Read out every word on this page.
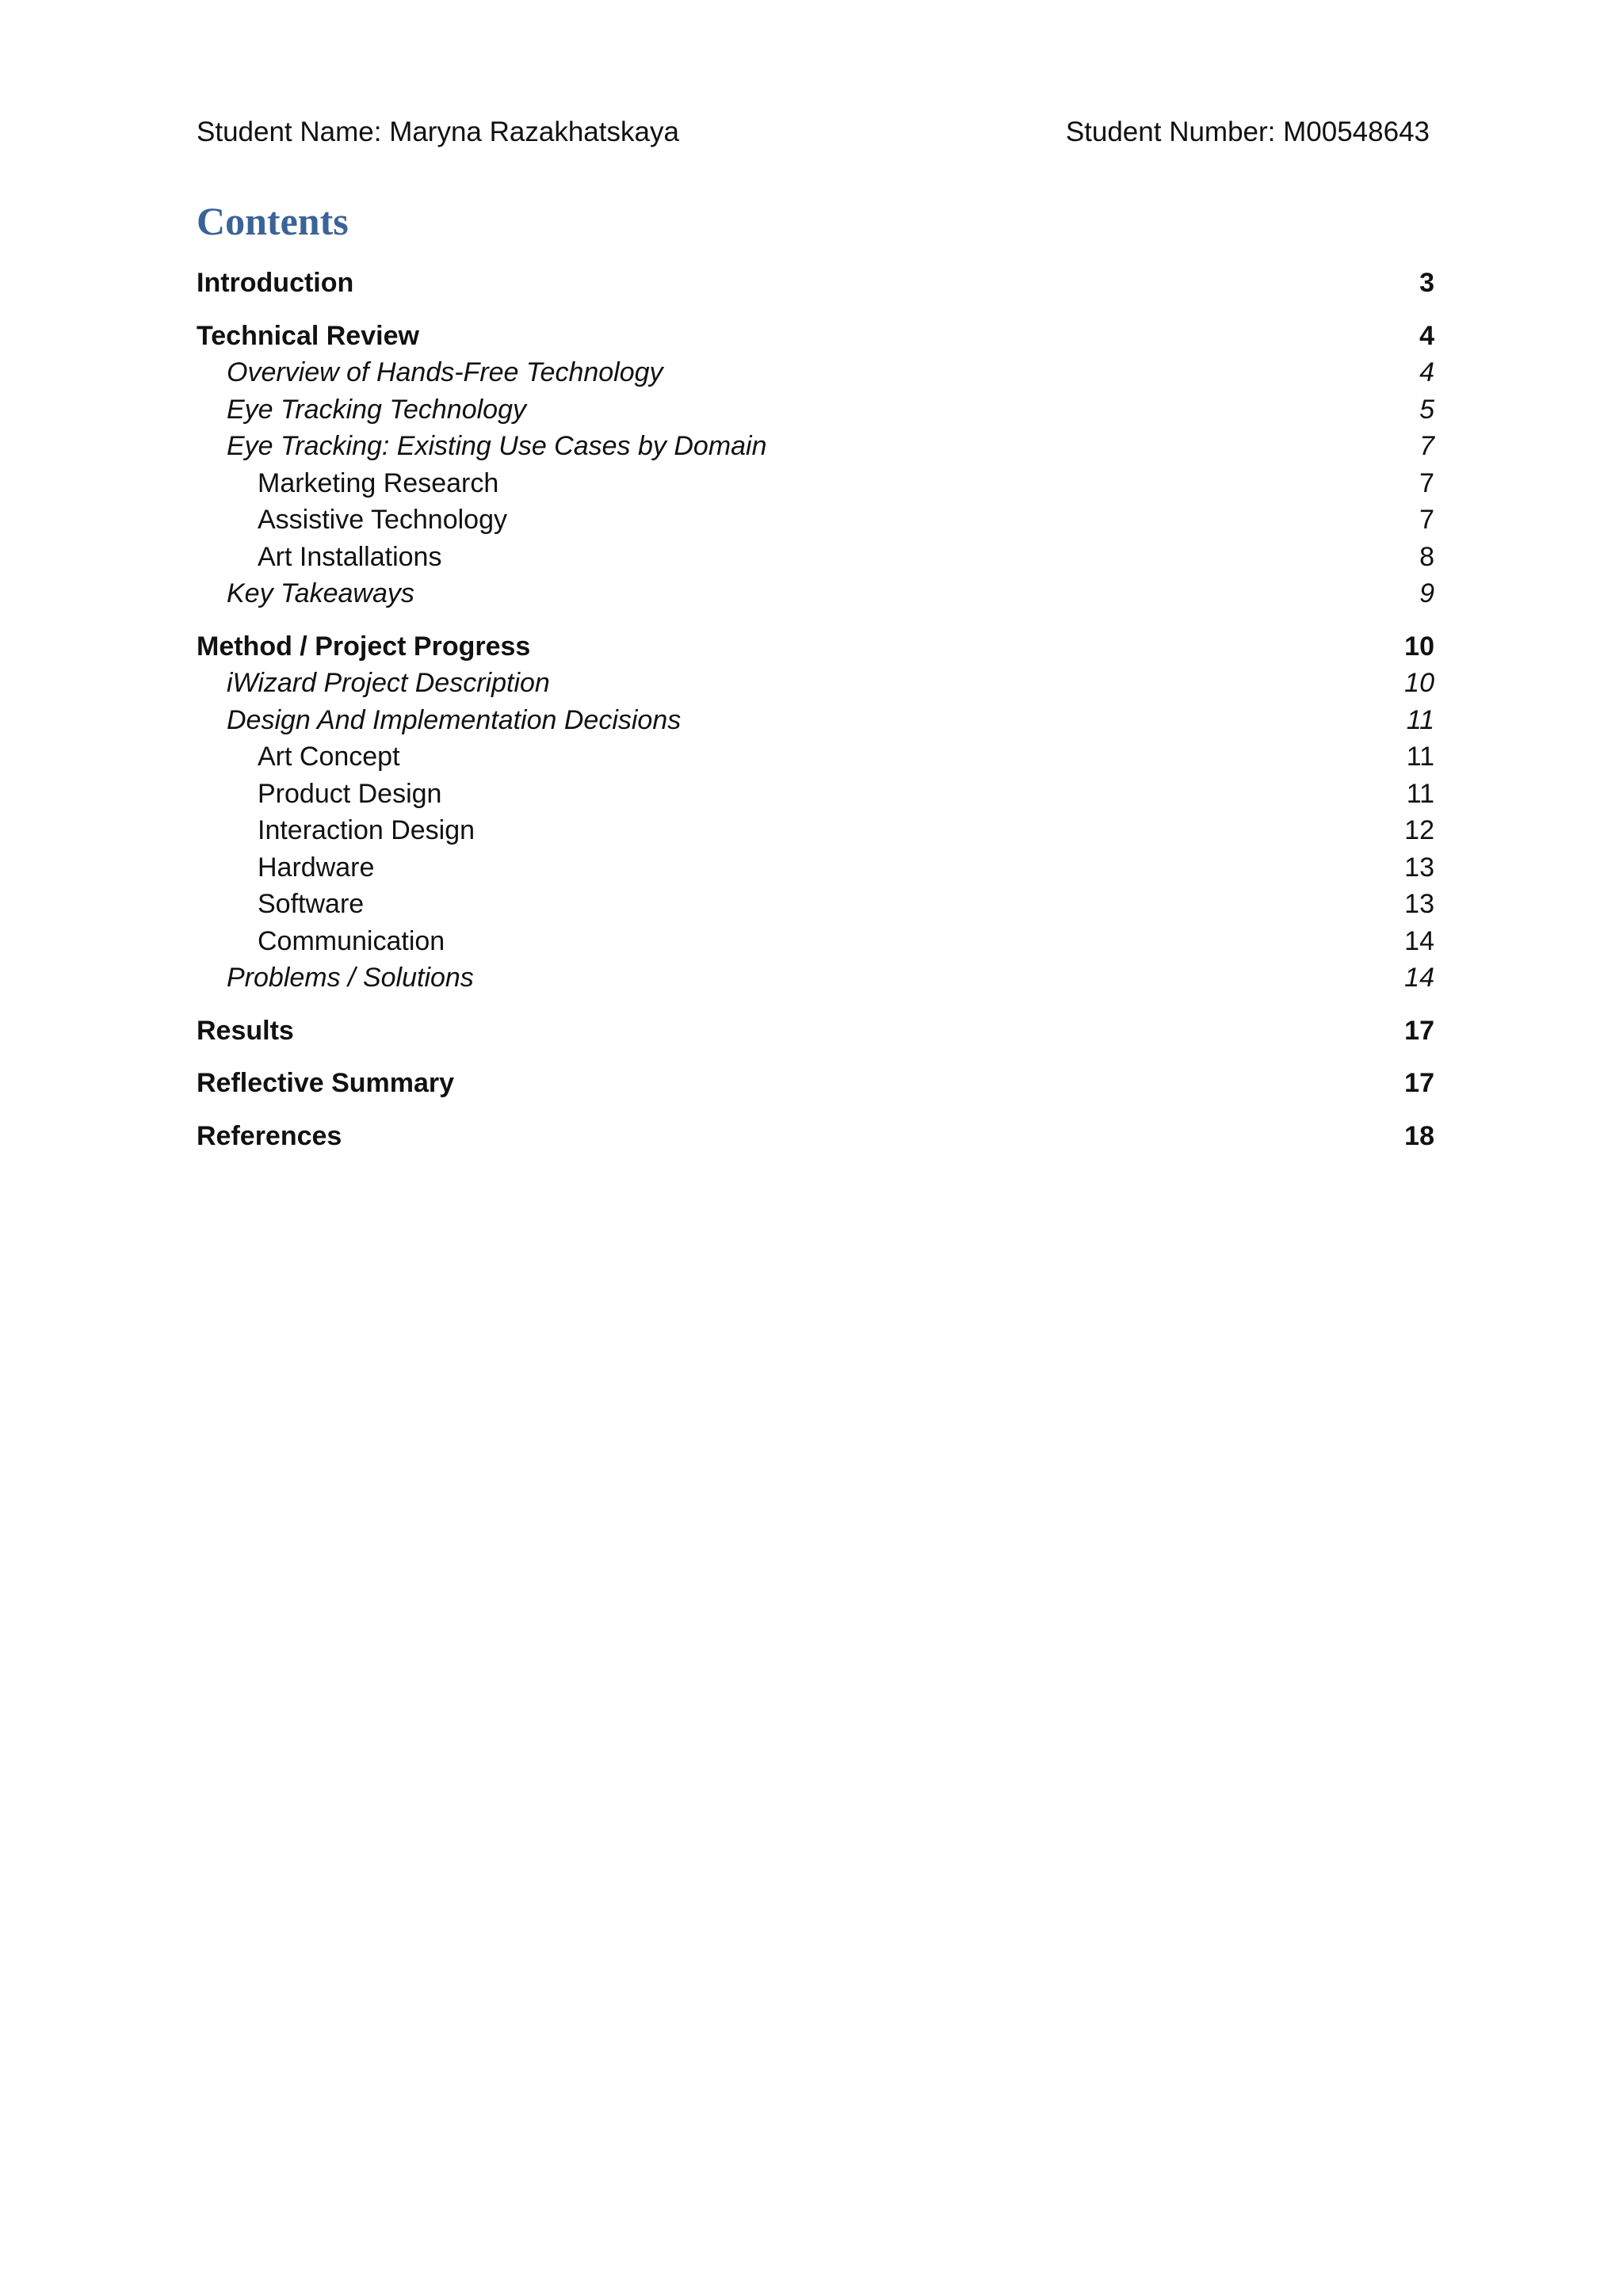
Student Name: Maryna Razakhatskaya	Student Number: M00548643
Contents
Introduction	3
Technical Review	4
Overview of Hands-Free Technology	4
Eye Tracking Technology	5
Eye Tracking: Existing Use Cases by Domain	7
Marketing Research	7
Assistive Technology	7
Art Installations	8
Key Takeaways	9
Method / Project Progress	10
iWizard Project Description	10
Design And Implementation Decisions	11
Art Concept	11
Product Design	11
Interaction Design	12
Hardware	13
Software	13
Communication	14
Problems / Solutions	14
Results	17
Reflective Summary	17
References	18
